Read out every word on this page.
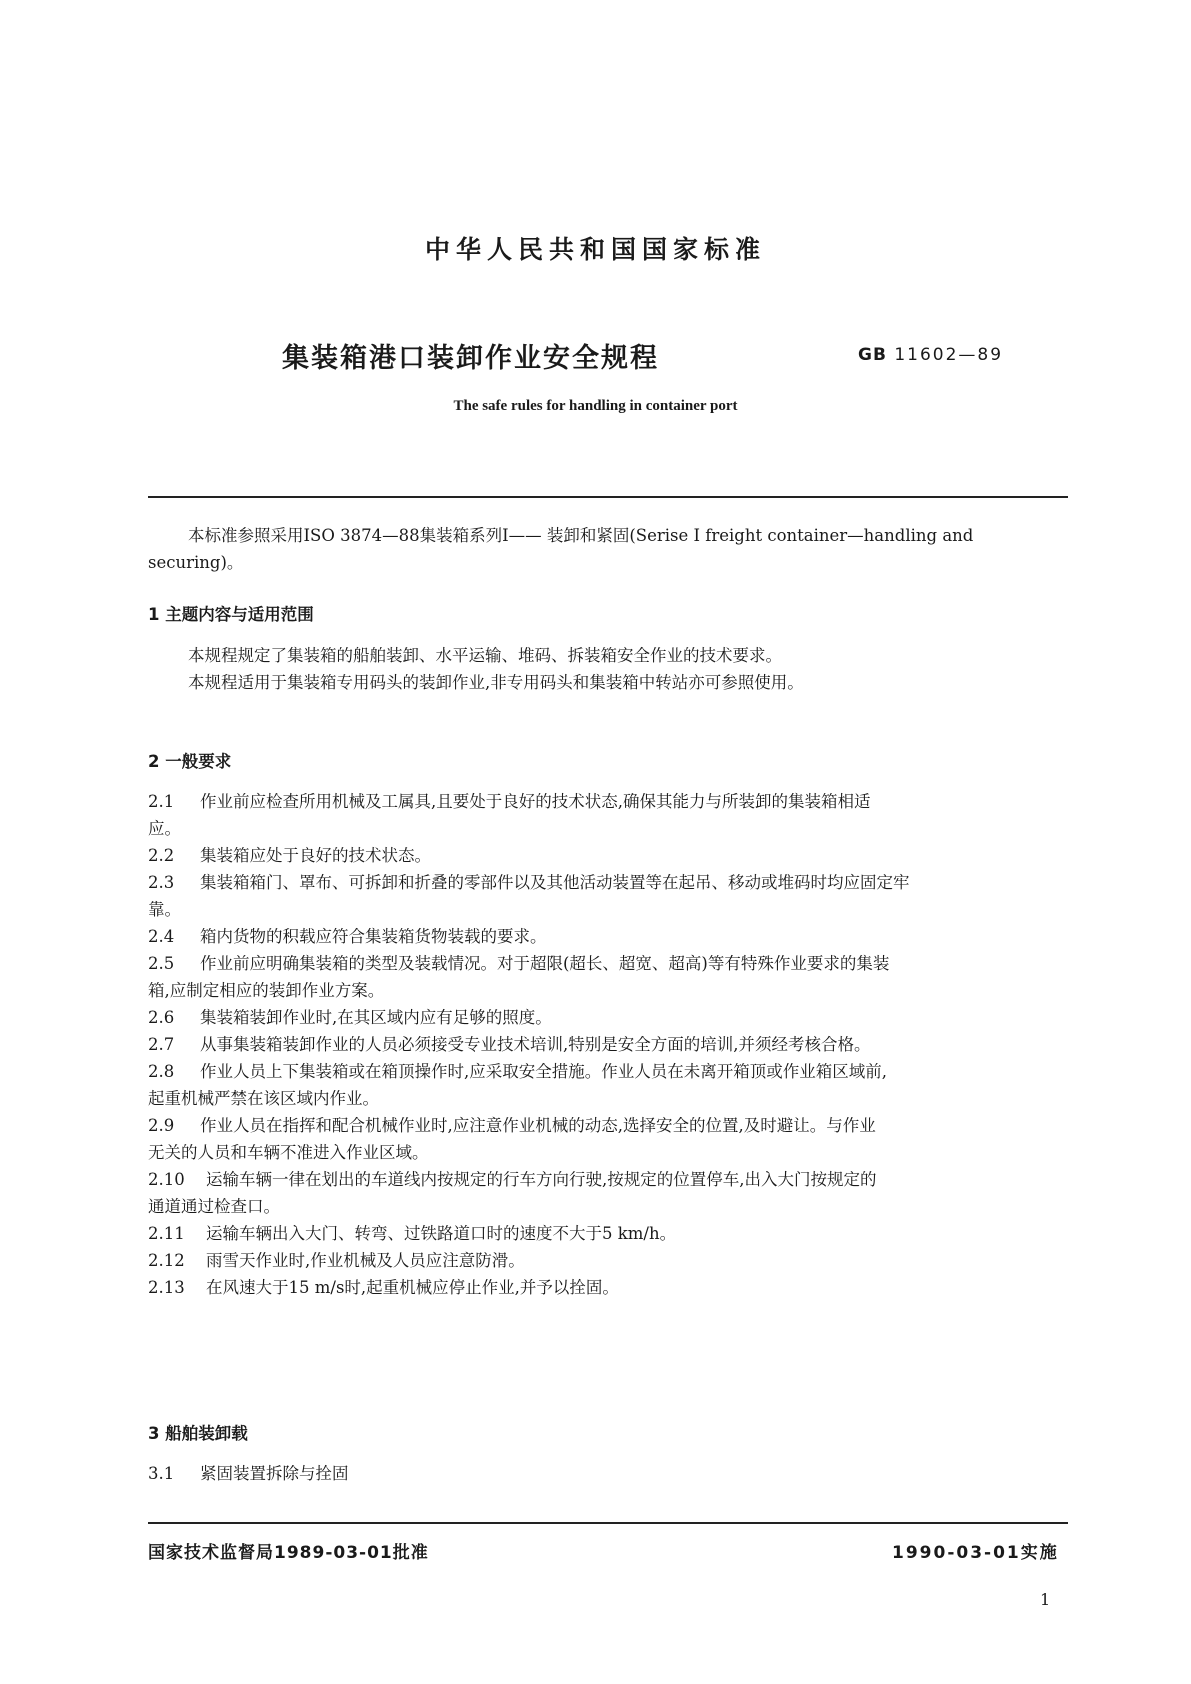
中华人民共和国国家标准
集装箱港口装卸作业安全规程	GB 11602—89
The safe rules for handling in container port
本标准参照采用ISO 3874—88集装箱系列Ⅰ—— 装卸和紧固(Serise I freight container—handling and
securing)。
1 主题内容与适用范围
本规程规定了集装箱的船舶装卸、水平运输、堆码、拆装箱安全作业的技术要求。
本规程适用于集装箱专用码头的装卸作业,非专用码头和集装箱中转站亦可参照使用。
2 一般要求
2.1 作业前应检查所用机械及工属具,且要处于良好的技术状态,确保其能力与所装卸的集装箱相适
应。
2.2 集装箱应处于良好的技术状态。
2.3 集装箱箱门、罩布、可拆卸和折叠的零部件以及其他活动装置等在起吊、移动或堆码时均应固定牢
靠。
2.4 箱内货物的积载应符合集装箱货物装载的要求。
2.5 作业前应明确集装箱的类型及装载情况。对于超限(超长、超宽、超高)等有特殊作业要求的集装
箱,应制定相应的装卸作业方案。
2.6 集装箱装卸作业时,在其区域内应有足够的照度。
2.7 从事集装箱装卸作业的人员必须接受专业技术培训,特别是安全方面的培训,并须经考核合格。
2.8 作业人员上下集装箱或在箱顶操作时,应采取安全措施。作业人员在未离开箱顶或作业箱区域前,
起重机械严禁在该区域内作业。
2.9 作业人员在指挥和配合机械作业时,应注意作业机械的动态,选择安全的位置,及时避让。与作业
无关的人员和车辆不准进入作业区域。
2.10 运输车辆一律在划出的车道线内按规定的行车方向行驶,按规定的位置停车,出入大门按规定的
通道通过检查口。
2.11 运输车辆出入大门、转弯、过铁路道口时的速度不大于5 km/h。
2.12 雨雪天作业时,作业机械及人员应注意防滑。
2.13 在风速大于15 m/s时,起重机械应停止作业,并予以拴固。
3 船舶装卸载
3.1 紧固装置拆除与拴固
国家技术监督局1989-03-01批准	1990-03-01实施
1
